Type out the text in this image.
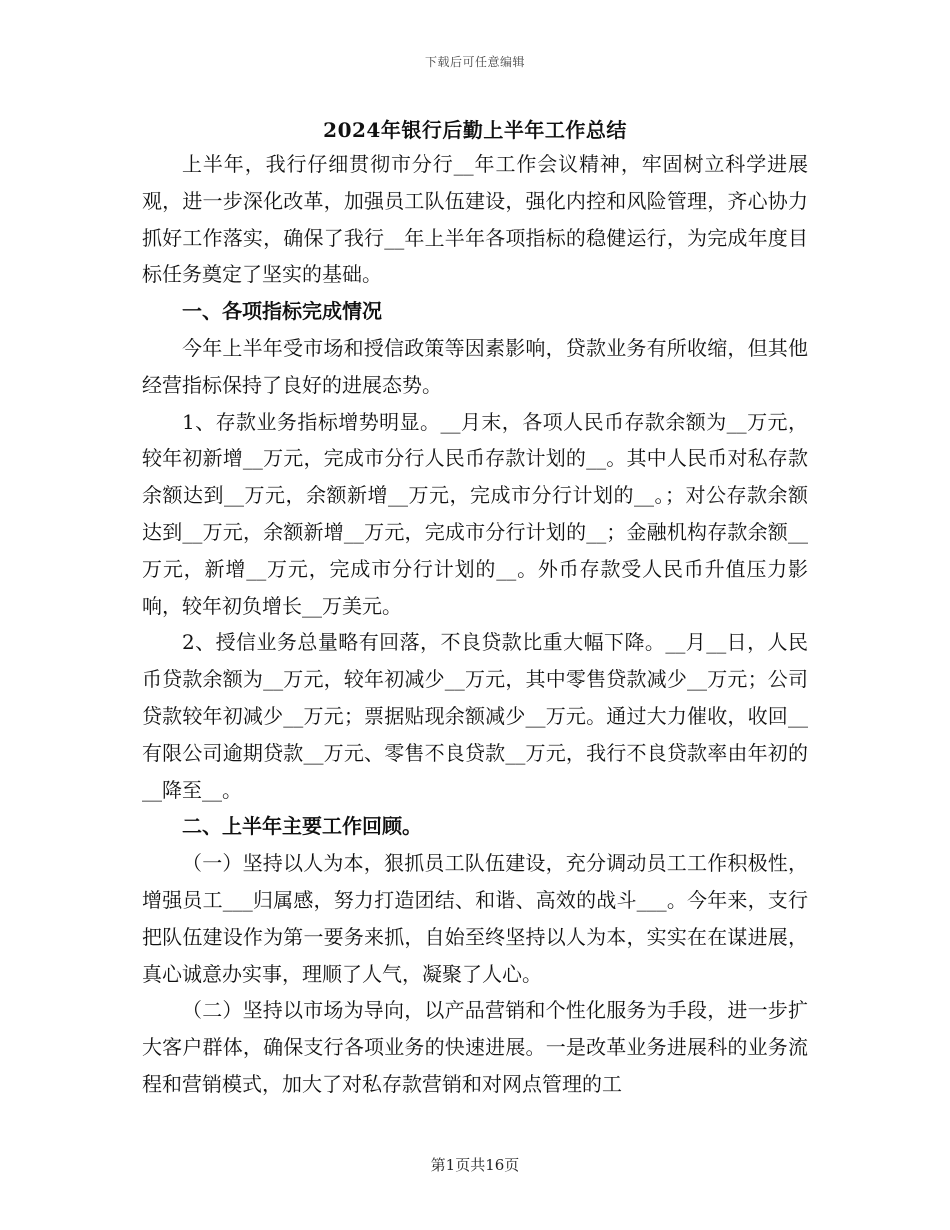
下载后可任意编辑
2024年银行后勤上半年工作总结

上半年，我行仔细贯彻市分行__年工作会议精神，牢固树立科学进展观，进一步深化改革，加强员工队伍建设，强化内控和风险管理，齐心协力抓好工作落实，确保了我行__年上半年各项指标的稳健运行，为完成年度目标任务奠定了坚实的基础。

一、各项指标完成情况

今年上半年受市场和授信政策等因素影响，贷款业务有所收缩，但其他经营指标保持了良好的进展态势。

1、存款业务指标增势明显。__月末，各项人民币存款余额为__万元，较年初新增__万元，完成市分行人民币存款计划的__。其中人民币对私存款余额达到__万元，余额新增__万元，完成市分行计划的__。；对公存款余额达到__万元，余额新增__万元，完成市分行计划的__；金融机构存款余额__万元，新增__万元，完成市分行计划的__。外币存款受人民币升值压力影响，较年初负增长__万美元。

2、授信业务总量略有回落，不良贷款比重大幅下降。__月__日，人民币贷款余额为__万元，较年初减少__万元，其中零售贷款减少__万元；公司贷款较年初减少__万元；票据贴现余额减少__万元。通过大力催收，收回__有限公司逾期贷款__万元、零售不良贷款__万元，我行不良贷款率由年初的__降至__。

二、上半年主要工作回顾。

（一）坚持以人为本，狠抓员工队伍建设，充分调动员工工作积极性，增强员工___归属感，努力打造团结、和谐、高效的战斗___。今年来，支行把队伍建设作为第一要务来抓，自始至终坚持以人为本，实实在在谋进展，真心诚意办实事，理顺了人气，凝聚了人心。

（二）坚持以市场为导向，以产品营销和个性化服务为手段，进一步扩大客户群体，确保支行各项业务的快速进展。一是改革业务进展科的业务流程和营销模式，加大了对私存款营销和对网点管理的工

第1页共16页
